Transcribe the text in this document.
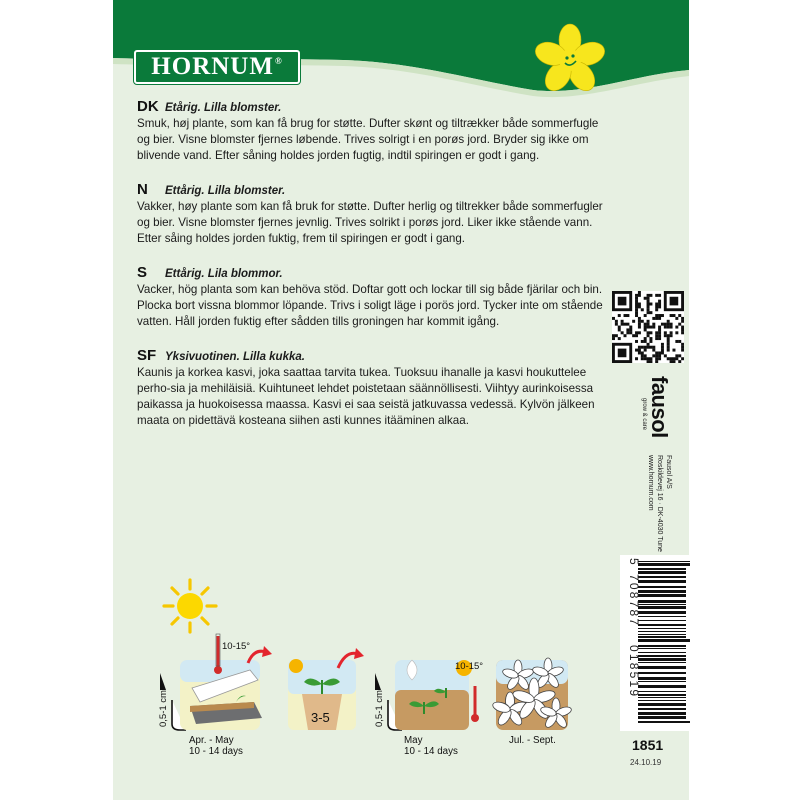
HORNUM®
DK Etårig. Lilla blomster.
Smuk, høj plante, som kan få brug for støtte. Dufter skønt og tiltrækker både sommerfugle og bier. Visne blomster fjernes løbende. Trives solrigt i en porøs jord. Bryder sig ikke om blivende vand. Efter såning holdes jorden fugtig, indtil spiringen er godt i gang.
N	Ettårig. Lilla blomster.
Vakker, høy plante som kan få bruk for støtte. Dufter herlig og tiltrekker både sommerfugler og bier. Visne blomster fjernes jevnlig. Trives solrikt i porøs jord. Liker ikke stående vann. Etter såing holdes jorden fuktig, frem til spiringen er godt i gang.
S	Ettårig. Lila blommor.
Vacker, hög planta som kan behöva stöd. Doftar gott och lockar till sig både fjärilar och bin. Plocka bort vissna blommor löpande. Trivs i soligt läge i porös jord. Tycker inte om stående vatten. Håll jorden fuktig efter sådden tills groningen har kommit igång.
SF Yksivuotinen. Lilla kukka.
Kaunis ja korkea kasvi, joka saattaa tarvita tukea. Tuoksuu ihanalle ja kasvi houkuttelee perho-sia ja mehiläisiä. Kuihtuneet lehdet poistetaan säännöllisesti. Viihtyy aurinkoisessa paikassa ja huokoisessa maassa. Kasvi ei saa seistä jatkuvassa vedessä. Kylvön jälkeen maata on pidettävä kosteana siihen asti kunnes itääminen alkaa.	fausol
grow & care
Fausol A/S
Roskildevej 16 · DK-4030 Tune
www.hornum.com
5
708787
018519
1851
24.10.19
0,5-1 cm	0,5-1 cm
10-15°
3-5
10-15°
Apr. - May
10 - 14 days
May
10 - 14 days
Jul. - Sept.
